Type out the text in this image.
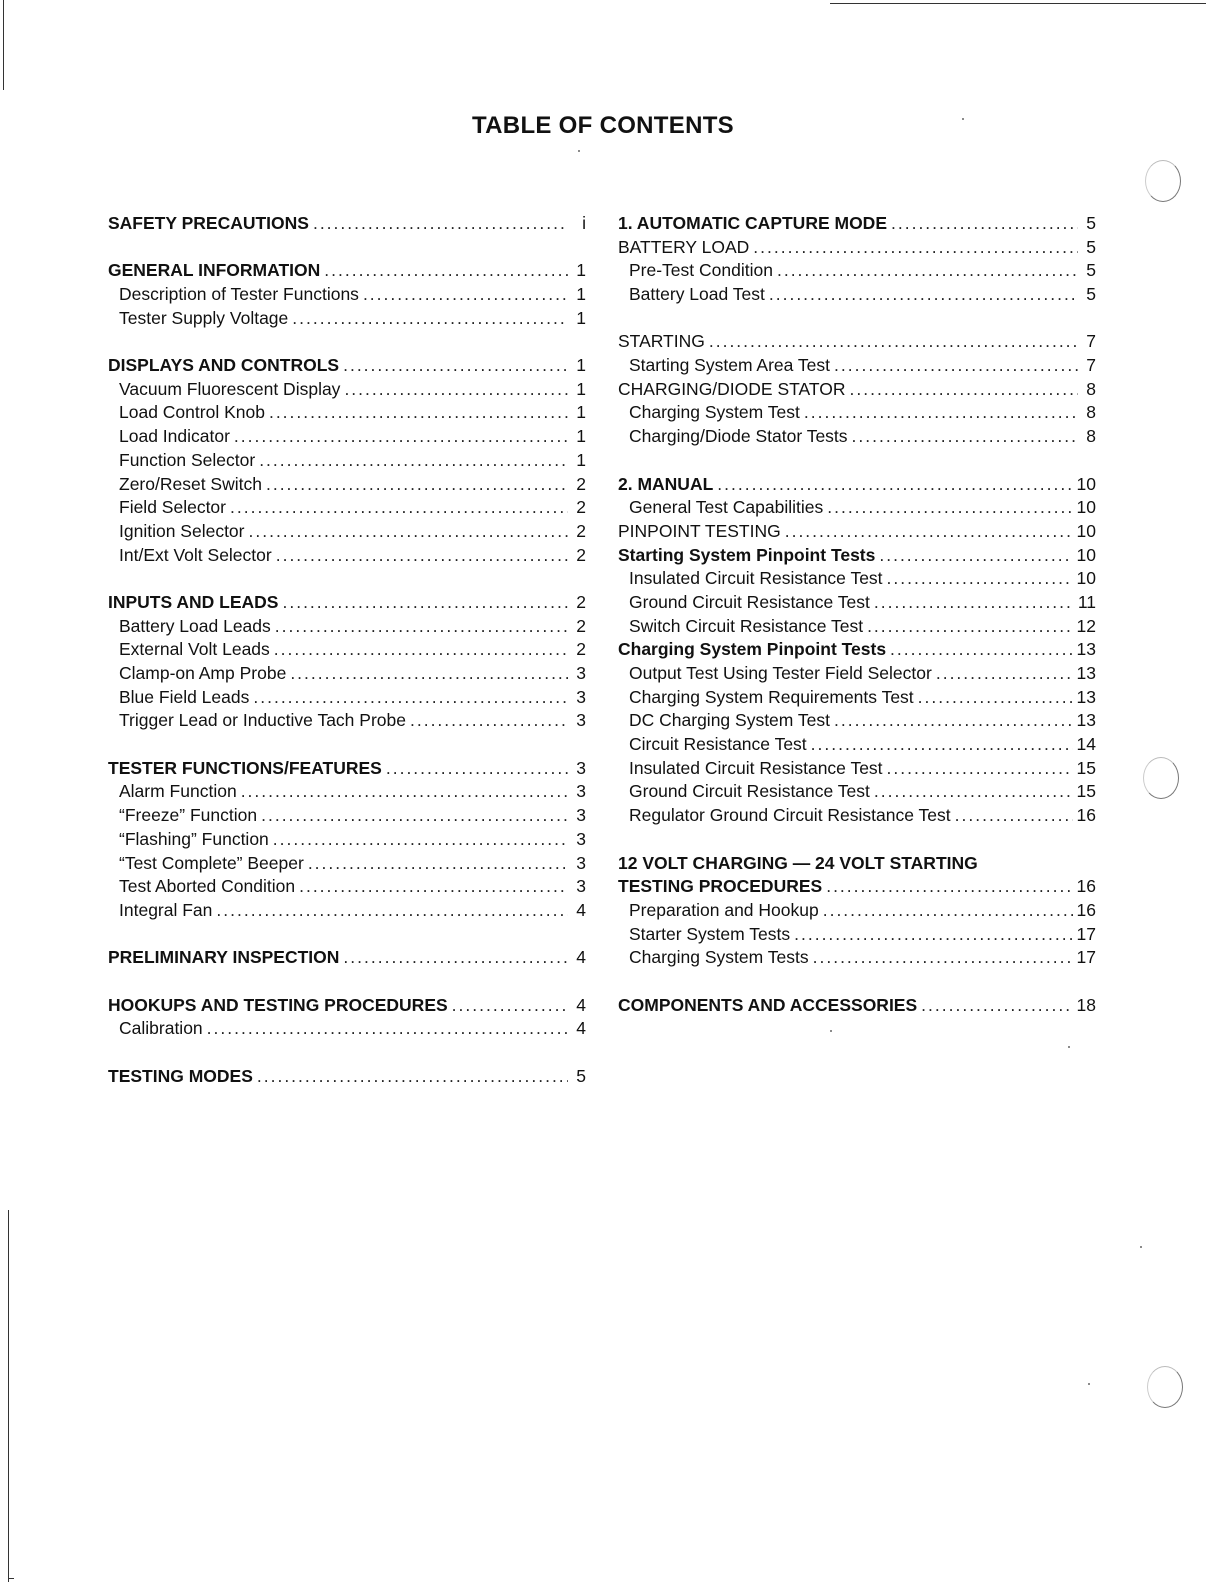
TABLE OF CONTENTS
SAFETY PRECAUTIONS .....	i
GENERAL INFORMATION .....	1
Description of Tester Functions .....	1
Tester Supply Voltage .....	1
DISPLAYS AND CONTROLS .....	1
Vacuum Fluorescent Display .....	1
Load Control Knob .....	1
Load Indicator .....	1
Function Selector .....	1
Zero/Reset Switch .....	2
Field Selector .....	2
Ignition Selector .....	2
Int/Ext Volt Selector .....	2
INPUTS AND LEADS .....	2
Battery Load Leads .....	2
External Volt Leads .....	2
Clamp-on Amp Probe .....	3
Blue Field Leads .....	3
Trigger Lead or Inductive Tach Probe .....	3
TESTER FUNCTIONS/FEATURES .....	3
Alarm Function .....	3
“Freeze” Function .....	3
“Flashing” Function .....	3
“Test Complete” Beeper .....	3
Test Aborted Condition .....	3
Integral Fan .....	4
PRELIMINARY INSPECTION .....	4
HOOKUPS AND TESTING PROCEDURES .....	4
Calibration .....	4
TESTING MODES .....	5
1. AUTOMATIC CAPTURE MODE .....	5
BATTERY LOAD .....	5
Pre-Test Condition .....	5
Battery Load Test .....	5
STARTING .....	7
Starting System Area Test .....	7
CHARGING/DIODE STATOR .....	8
Charging System Test .....	8
Charging/Diode Stator Tests .....	8
2. MANUAL .....	10
General Test Capabilities .....	10
PINPOINT TESTING .....	10
Starting System Pinpoint Tests .....	10
Insulated Circuit Resistance Test .....	10
Ground Circuit Resistance Test .....	11
Switch Circuit Resistance Test .....	12
Charging System Pinpoint Tests .....	13
Output Test Using Tester Field Selector .....	13
Charging System Requirements Test .....	13
DC Charging System Test .....	13
Circuit Resistance Test .....	14
Insulated Circuit Resistance Test .....	15
Ground Circuit Resistance Test .....	15
Regulator Ground Circuit Resistance Test .....	16
12 VOLT CHARGING — 24 VOLT STARTING
TESTING PROCEDURES .....	16
Preparation and Hookup .....	16
Starter System Tests .....	17
Charging System Tests .....	17
COMPONENTS AND ACCESSORIES .....	18
